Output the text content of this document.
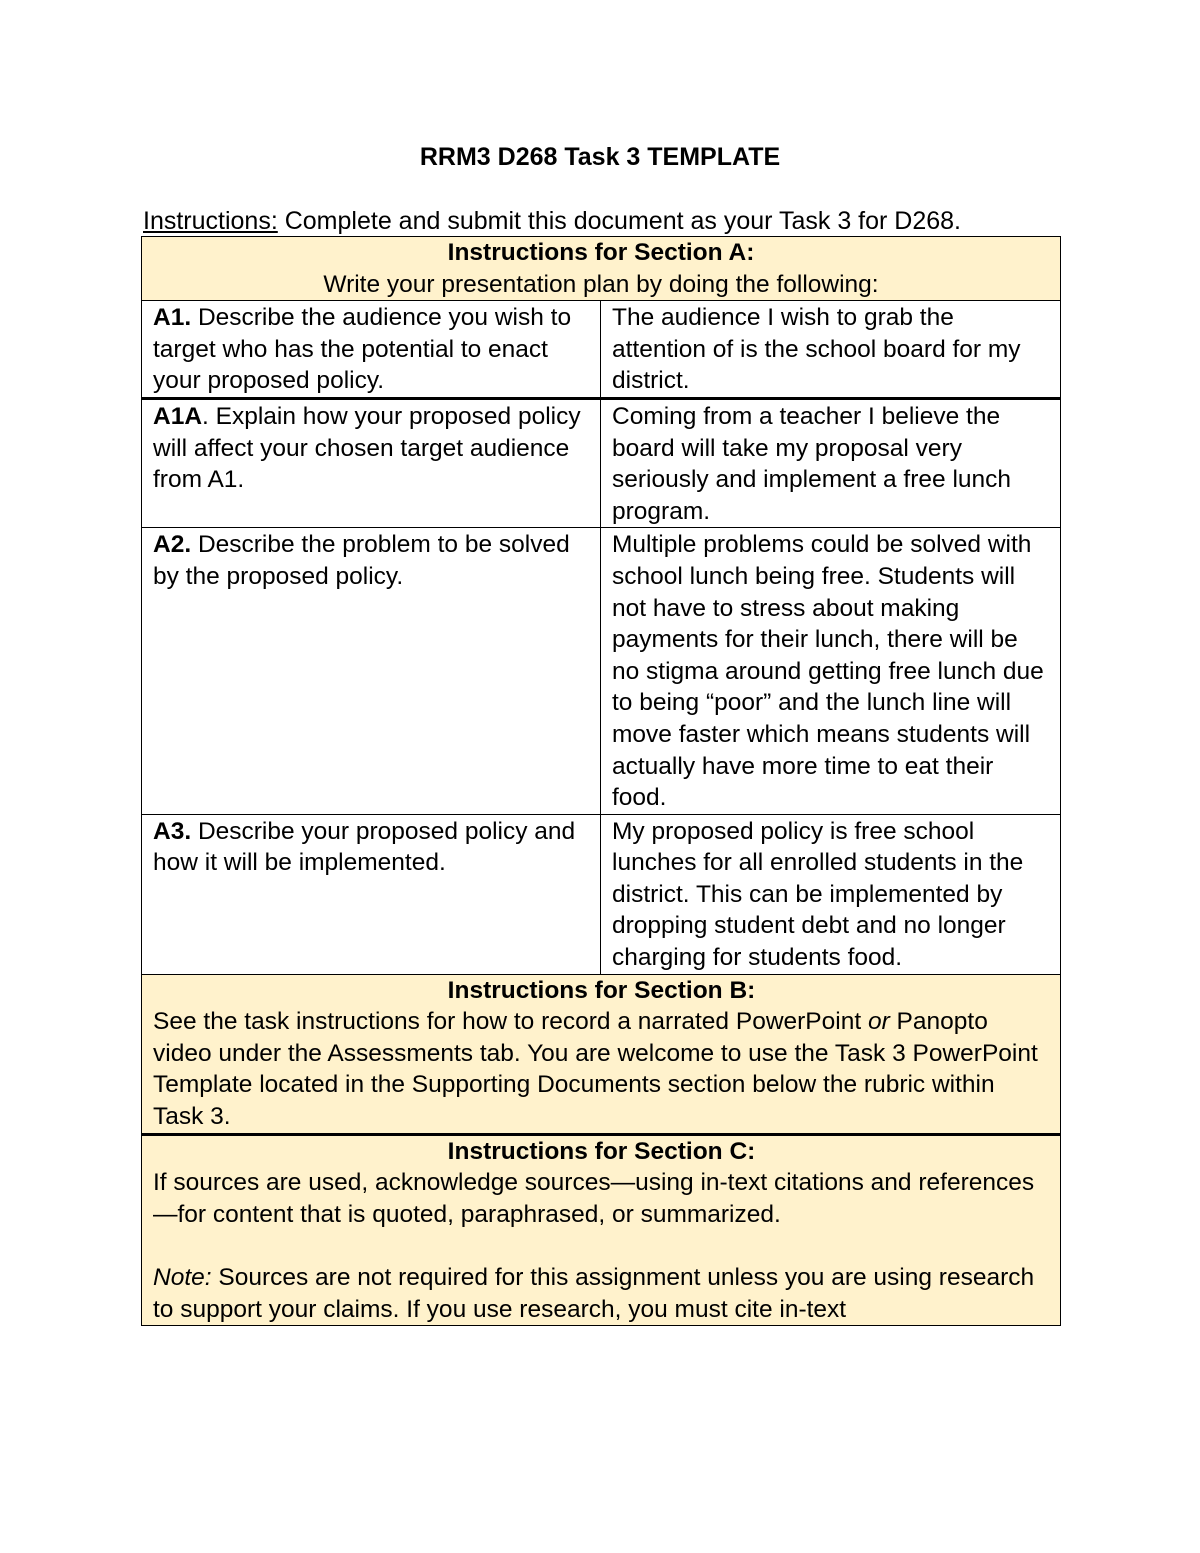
RRM3 D268 Task 3 TEMPLATE
Instructions: Complete and submit this document as your Task 3 for D268.
Instructions for Section A:
Write your presentation plan by doing the following:	

A1. Describe the audience you wish to target who has the potential to enact your proposed policy.	The audience I wish to grab the attention of is the school board for my district.
A1A. Explain how your proposed policy will affect your chosen target audience from A1.	Coming from a teacher I believe the board will take my proposal very seriously and implement a free lunch program.
A2. Describe the problem to be solved by the proposed policy.	Multiple problems could be solved with school lunch being free. Students will not have to stress about making payments for their lunch, there will be no stigma around getting free lunch due to being “poor” and the lunch line will move faster which means students will actually have more time to eat their food.
A3. Describe your proposed policy and how it will be implemented.	My proposed policy is free school lunches for all enrolled students in the district. This can be implemented by dropping student debt and no longer charging for students food.

Instructions for Section B:
See the task instructions for how to record a narrated PowerPoint or Panopto video under the Assessments tab. You are welcome to use the Task 3 PowerPoint Template located in the Supporting Documents section below the rubric within Task 3.	

Instructions for Section C:
If sources are used, acknowledge sources—using in-text citations and references—for content that is quoted, paraphrased, or summarized.
Note: Sources are not required for this assignment unless you are using research to support your claims. If you use research, you must cite in-text	
